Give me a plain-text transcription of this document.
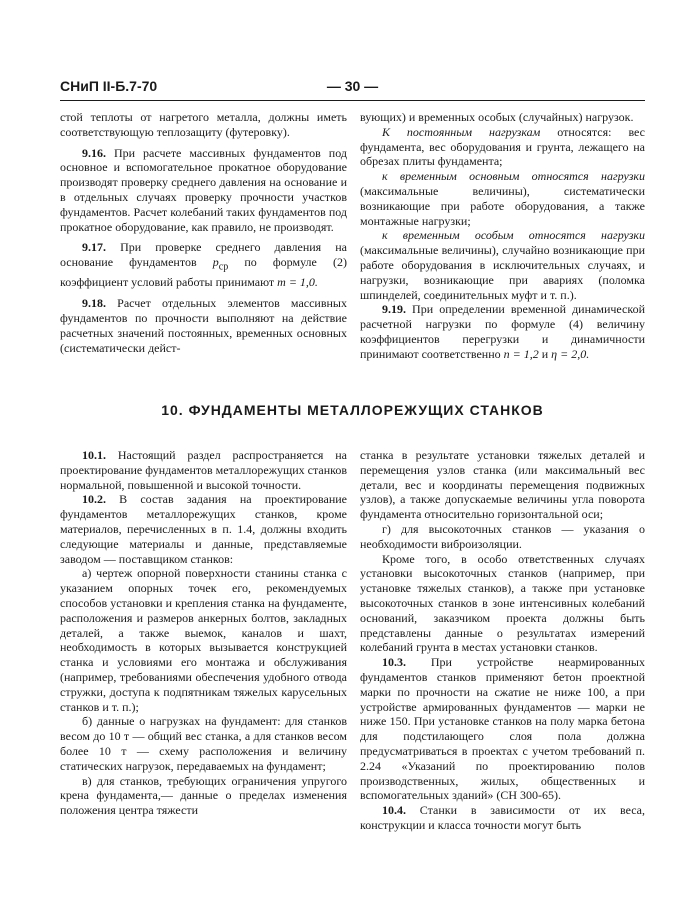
СНиП II-Б.7-70	— 30 —

стой теплоты от нагретого металла, должны иметь соответствующую теплозащиту (футеровку).

9.16. При расчете массивных фундаментов под основное и вспомогательное прокатное оборудование производят проверку среднего давления на основание и в отдельных случаях проверку прочности участков фундаментов. Расчет колебаний таких фундаментов под прокатное оборудование, как правило, не производят.

9.17. При проверке среднего давления на основание фундаментов $p_{ср}$ по формуле (2) коэффициент условий работы принимают m = 1,0.

9.18. Расчет отдельных элементов массивных фундаментов по прочности выполняют на действие расчетных значений постоянных, временных основных (систематически дейст-

вующих) и временных особых (случайных) нагрузок.

К постоянным нагрузкам относятся: вес фундамента, вес оборудования и грунта, лежащего на обрезах плиты фундамента;

к временным основным относятся нагрузки (максимальные величины), систематически возникающие при работе оборудования, а также монтажные нагрузки;

к временным особым относятся нагрузки (максимальные величины), случайно возникающие при работе оборудования в исключительных случаях, и нагрузки, возникающие при авариях (поломка шпинделей, соединительных муфт и т. п.).

9.19. При определении временной динамической расчетной нагрузки по формуле (4) величину коэффициентов перегрузки и динамичности принимают соответственно n = 1,2 и η = 2,0.

10. ФУНДАМЕНТЫ МЕТАЛЛОРЕЖУЩИХ СТАНКОВ

10.1. Настоящий раздел распространяется на проектирование фундаментов металлорежущих станков нормальной, повышенной и высокой точности.

10.2. В состав задания на проектирование фундаментов металлорежущих станков, кроме материалов, перечисленных в п. 1.4, должны входить следующие материалы и данные, представляемые заводом — поставщиком станков:

а) чертеж опорной поверхности станины станка с указанием опорных точек его, рекомендуемых способов установки и крепления станка на фундаменте, расположения и размеров анкерных болтов, закладных деталей, а также выемок, каналов и шахт, необходимость в которых вызывается конструкцией станка и условиями его монтажа и обслуживания (например, требованиями обеспечения удобного отвода стружки, доступа к подпятникам тяжелых карусельных станков и т. п.);

б) данные о нагрузках на фундамент: для станков весом до 10 т — общий вес станка, а для станков весом более 10 т — схему расположения и величину статических нагрузок, передаваемых на фундамент;

в) для станков, требующих ограничения упругого крена фундамента,— данные о пределах изменения положения центра тяжести

станка в результате установки тяжелых деталей и перемещения узлов станка (или максимальный вес детали, вес и координаты перемещения подвижных узлов), а также допускаемые величины угла поворота фундамента относительно горизонтальной оси;

г) для высокоточных станков — указания о необходимости виброизоляции.

Кроме того, в особо ответственных случаях установки высокоточных станков (например, при установке тяжелых станков), а также при установке высокоточных станков в зоне интенсивных колебаний оснований, заказчиком проекта должны быть представлены данные о результатах измерений колебаний грунта в местах установки станков.

10.3. При устройстве неармированных фундаментов станков применяют бетон проектной марки по прочности на сжатие не ниже 100, а при устройстве армированных фундаментов — марки не ниже 150. При установке станков на полу марка бетона для подстилающего слоя пола должна предусматриваться в проектах с учетом требований п. 2.24 «Указаний по проектированию полов производственных, жилых, общественных и вспомогательных зданий» (СН 300-65).

10.4. Станки в зависимости от их веса, конструкции и класса точности могут быть
